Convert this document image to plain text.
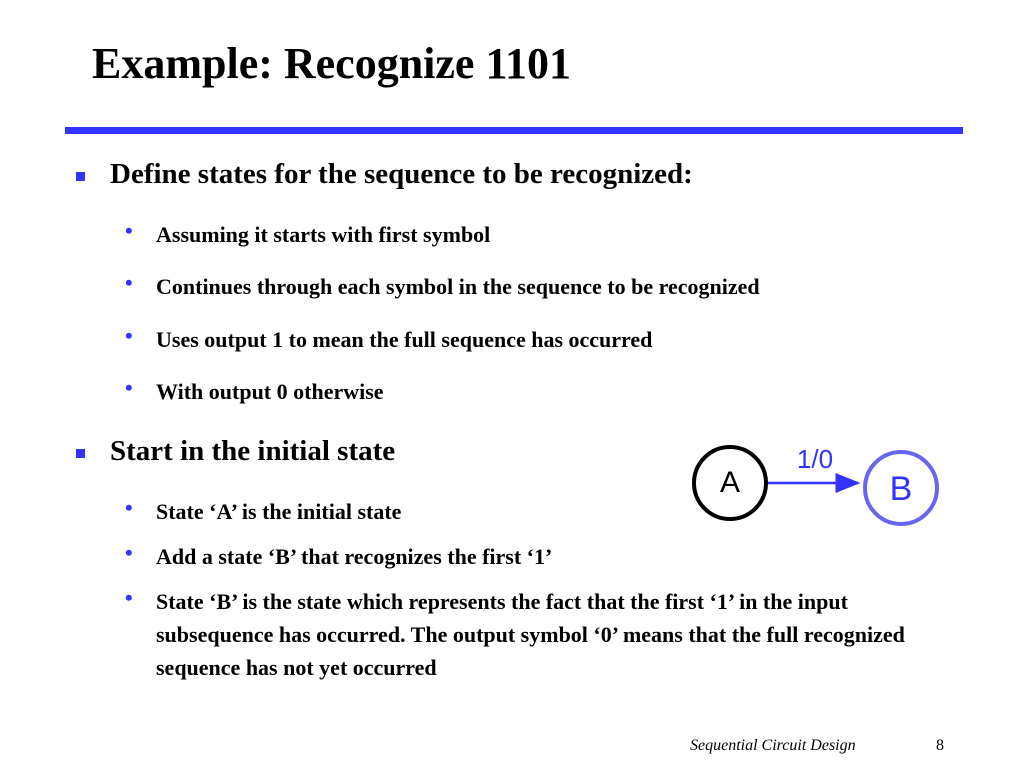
Example: Recognize 1101
Define states for the sequence to be recognized:
• Assuming it starts with first symbol
• Continues through each symbol in the sequence to be recognized
• Uses output 1 to mean the full sequence has occurred
• With output 0 otherwise
Start in the initial state
• State ‘A’ is the initial state
• Add a state ‘B’ that recognizes the first ‘1’
• State ‘B’ is the state which represents the fact that the first ‘1’ in the input subsequence has occurred. The output symbol ‘0’ means that the full recognized sequence has not yet occurred
1/0
A	B
Sequential Circuit Design	8
